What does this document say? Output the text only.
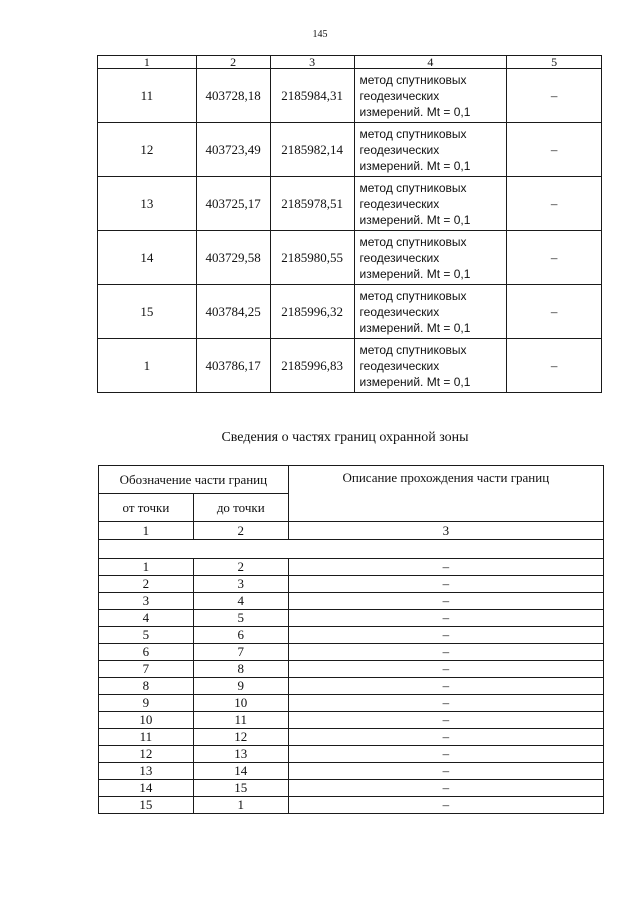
145
1	2	3	4	5
11	403728,18	2185984,31	метод спутниковых
геодезических
измерений. Mt = 0,1	–
12	403723,49	2185982,14	метод спутниковых
геодезических
измерений. Mt = 0,1	–
13	403725,17	2185978,51	метод спутниковых
геодезических
измерений. Mt = 0,1	–
14	403729,58	2185980,55	метод спутниковых
геодезических
измерений. Mt = 0,1	–
15	403784,25	2185996,32	метод спутниковых
геодезических
измерений. Mt = 0,1	–
1	403786,17	2185996,83	метод спутниковых
геодезических
измерений. Mt = 0,1	–
Сведения о частях границ охранной зоны
Обозначение части границ		Описание прохождения части границ
от точки	до точки	
1	2	3

1	2	–
2	3	–
3	4	–
4	5	–
5	6	–
6	7	–
7	8	–
8	9	–
9	10	–
10	11	–
11	12	–
12	13	–
13	14	–
14	15	–
15	1	–
